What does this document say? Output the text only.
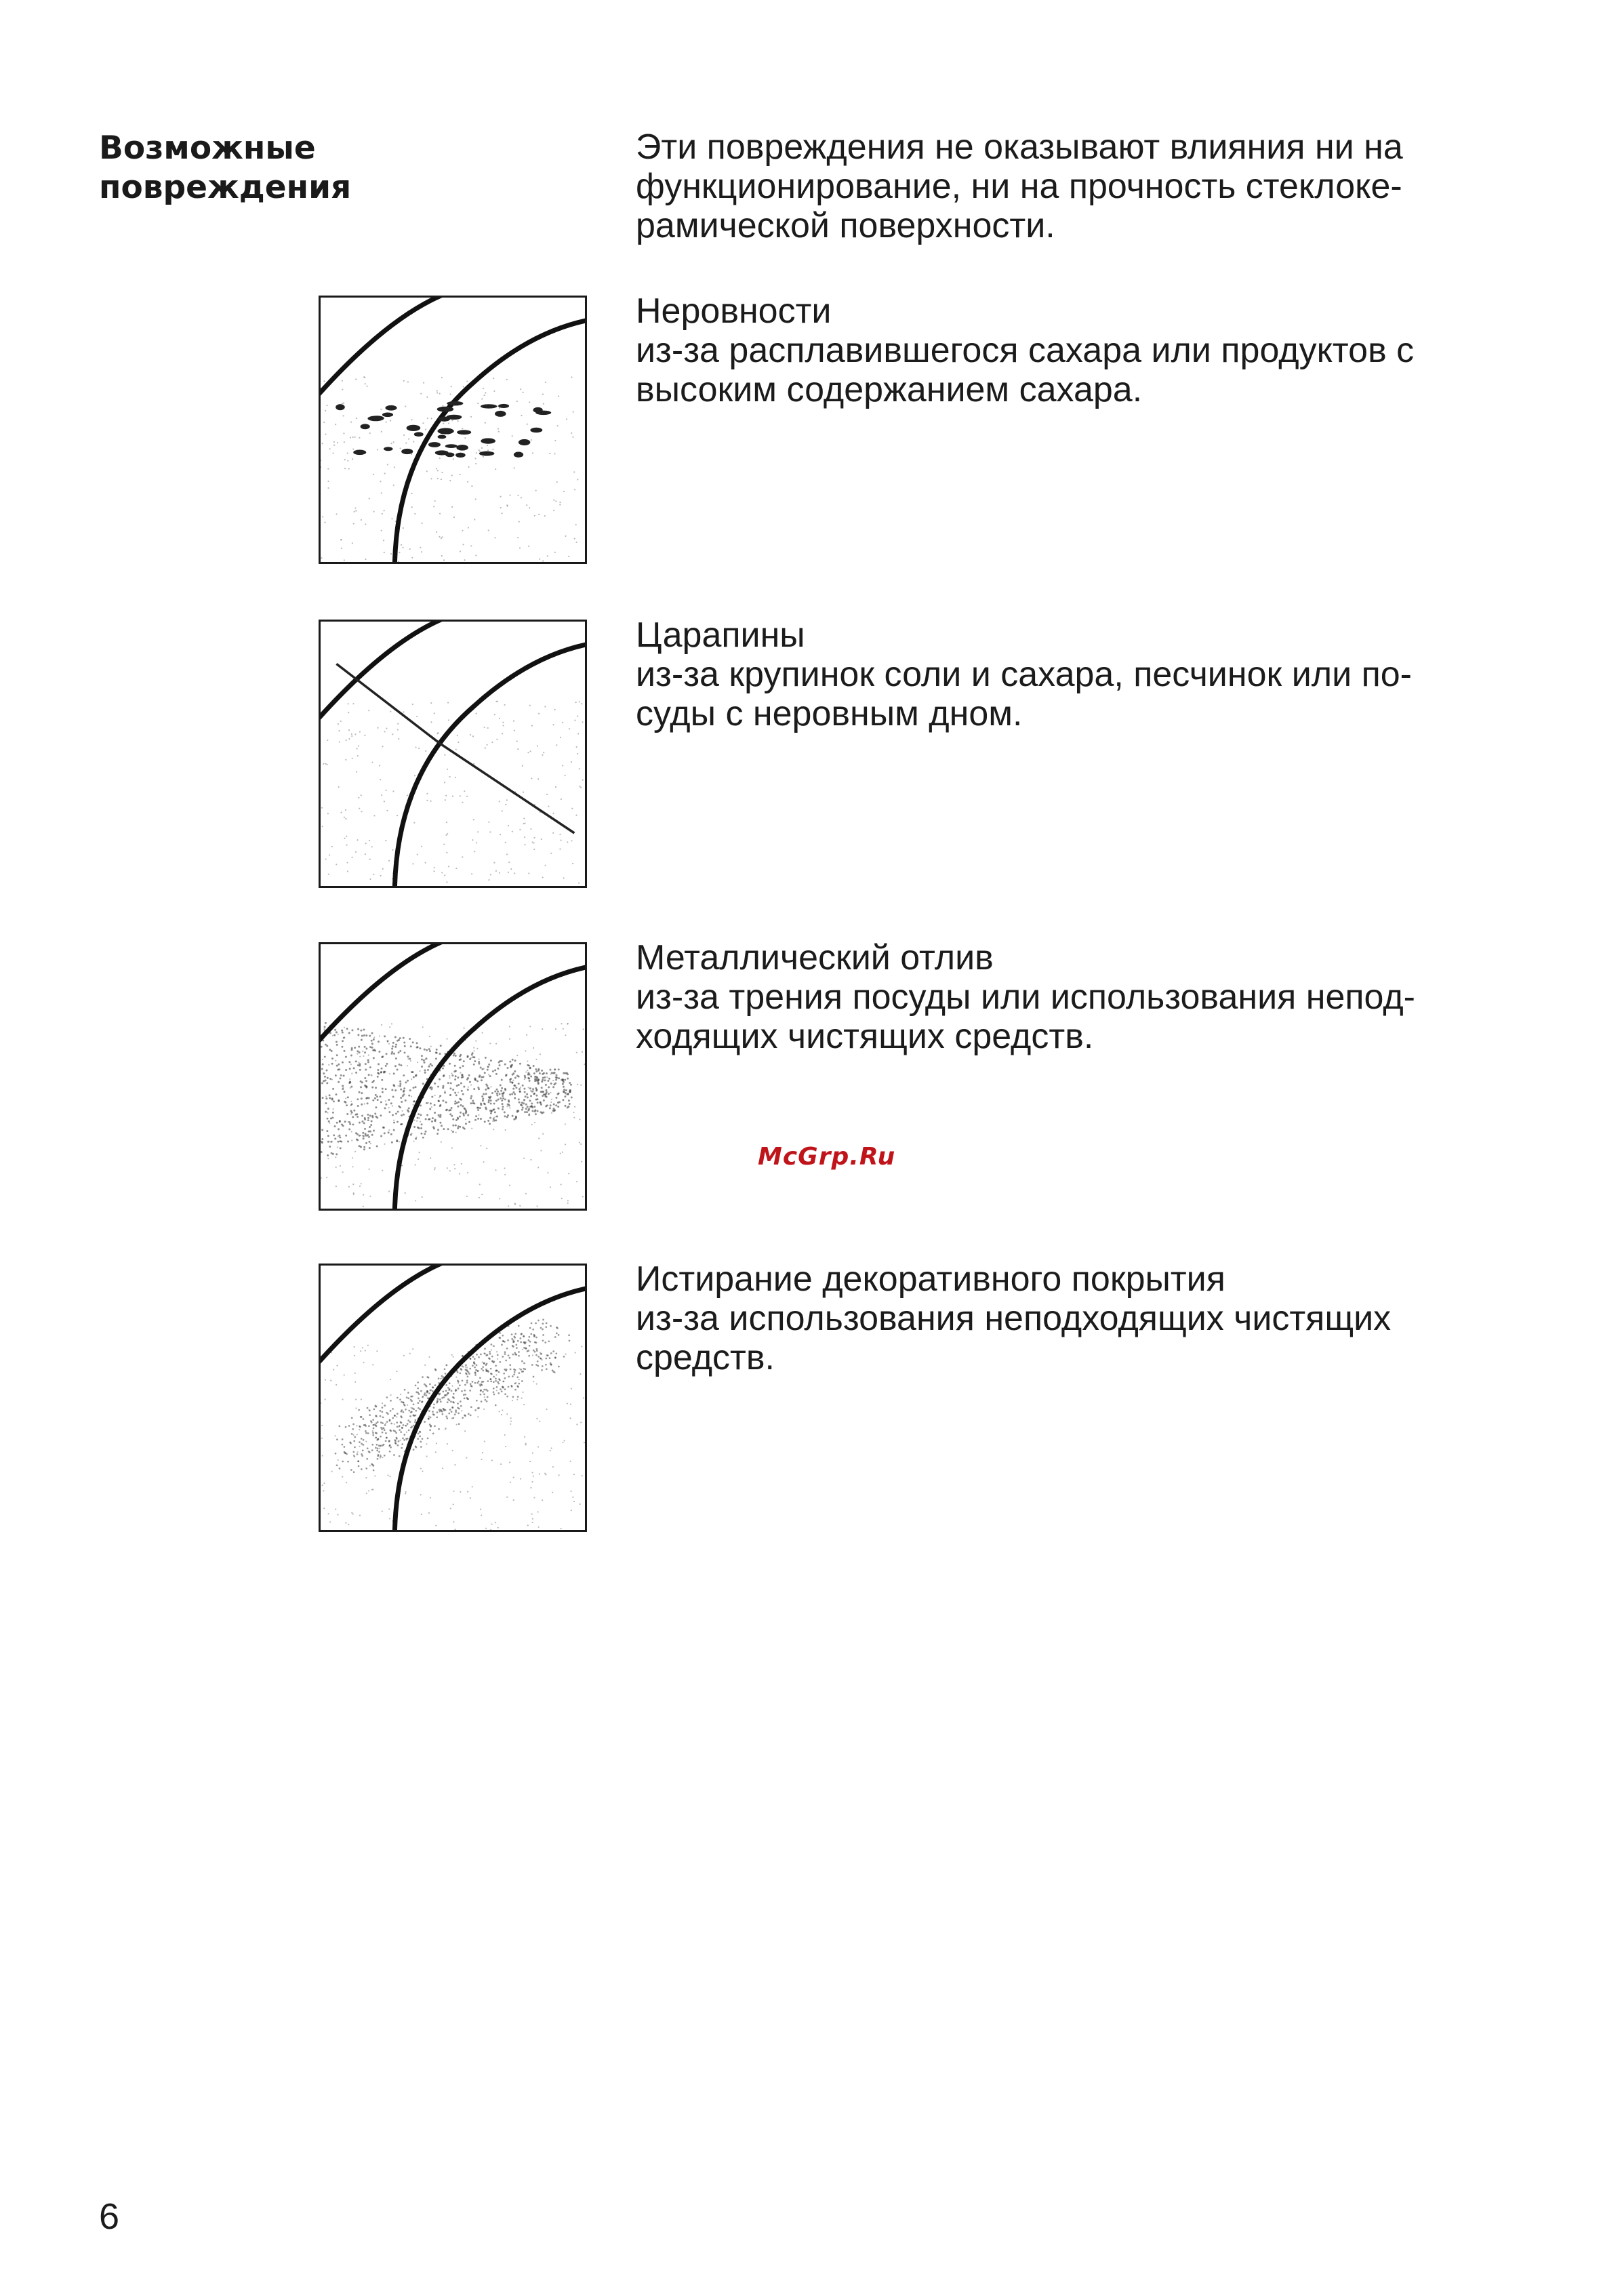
Возможные
повреждения
Эти повреждения не оказывают влияния ни на
функционирование, ни на прочность стеклоке-
рамической поверхности.
Неровности
из-за расплавившегося сахара или продуктов с
высоким содержанием сахара.
Царапины
из-за крупинок соли и сахара, песчинок или по-
суды с неровным дном.
Металлический отлив
из-за трения посуды или использования непод-
ходящих чистящих средств.
Истирание декоративного покрытия
из-за использования неподходящих чистящих
средств.
McGrp.Ru
6
